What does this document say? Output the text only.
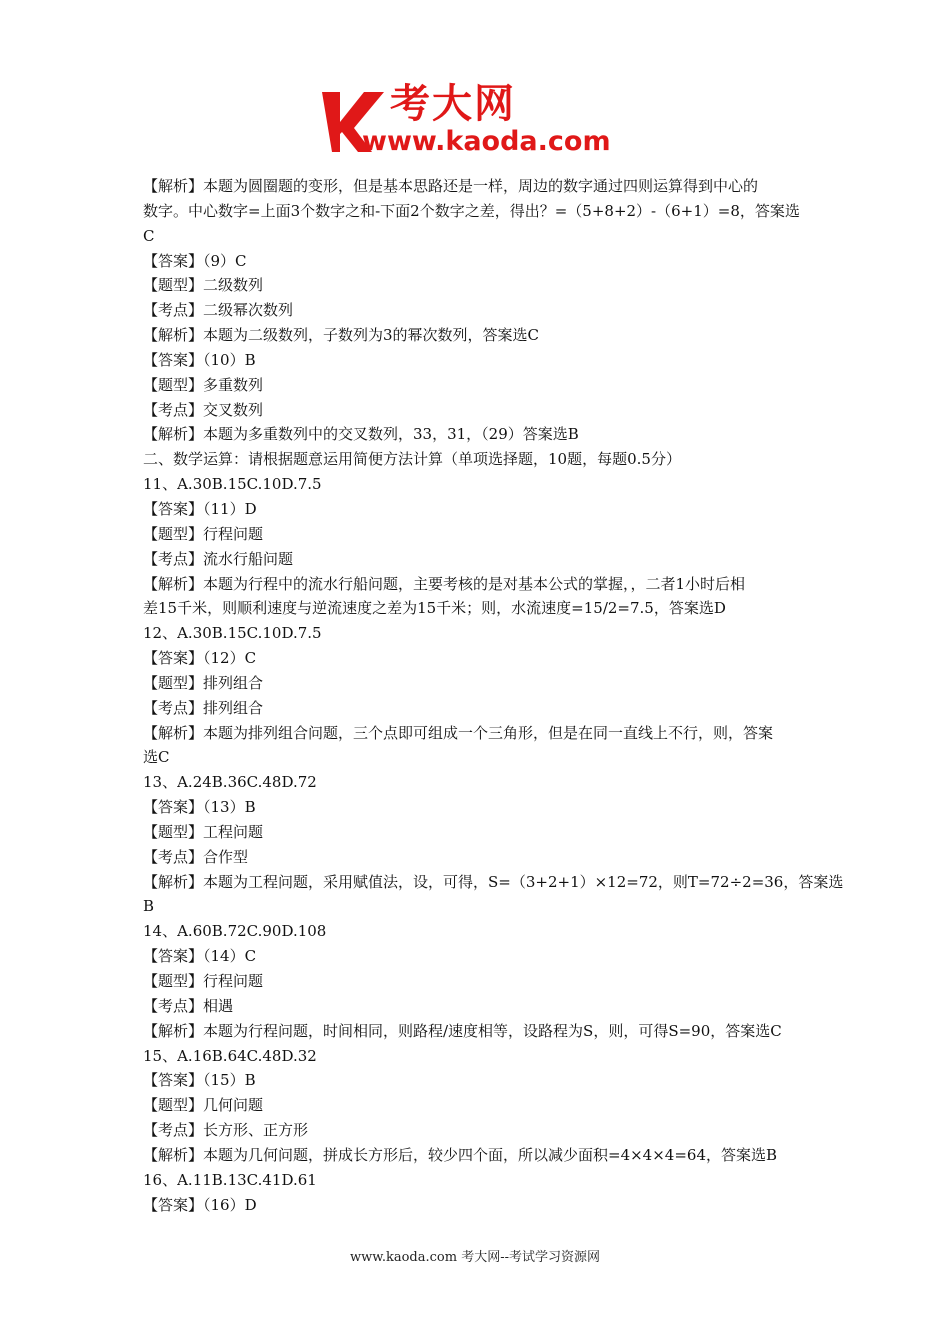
考大网
www.kaoda.com
【解析】本题为圆圈题的变形，但是基本思路还是一样，周边的数字通过四则运算得到中心的
数字。中心数字=上面3个数字之和-下面2个数字之差，得出？=（5+8+2）-（6+1）=8，答案选
C
【答案】（9）C
【题型】二级数列
【考点】二级幂次数列
【解析】本题为二级数列，子数列为3的幂次数列，答案选C
【答案】（10）B
【题型】多重数列
【考点】交叉数列
【解析】本题为多重数列中的交叉数列，33，31，（29）答案选B
二、数学运算：请根据题意运用简便方法计算（单项选择题，10题，每题0.5分）
11、A.30B.15C.10D.7.5
【答案】（11）D
【题型】行程问题
【考点】流水行船问题
【解析】本题为行程中的流水行船问题，主要考核的是对基本公式的掌握，，二者1小时后相
差15千米，则顺利速度与逆流速度之差为15千米；则，水流速度=15/2=7.5，答案选D
12、A.30B.15C.10D.7.5
【答案】（12）C
【题型】排列组合
【考点】排列组合
【解析】本题为排列组合问题，三个点即可组成一个三角形，但是在同一直线上不行，则，答案
选C
13、A.24B.36C.48D.72
【答案】（13）B
【题型】工程问题
【考点】合作型
【解析】本题为工程问题，采用赋值法，设，可得，S=（3+2+1）×12=72，则T=72÷2=36，答案选
B
14、A.60B.72C.90D.108
【答案】（14）C
【题型】行程问题
【考点】相遇
【解析】本题为行程问题，时间相同，则路程/速度相等，设路程为S，则，可得S=90，答案选C
15、A.16B.64C.48D.32
【答案】（15）B
【题型】几何问题
【考点】长方形、正方形
【解析】本题为几何问题，拼成长方形后，较少四个面，所以减少面积=4×4×4=64，答案选B
16、A.11B.13C.41D.61
【答案】（16）D
www.kaoda.com 考大网--考试学习资源网
